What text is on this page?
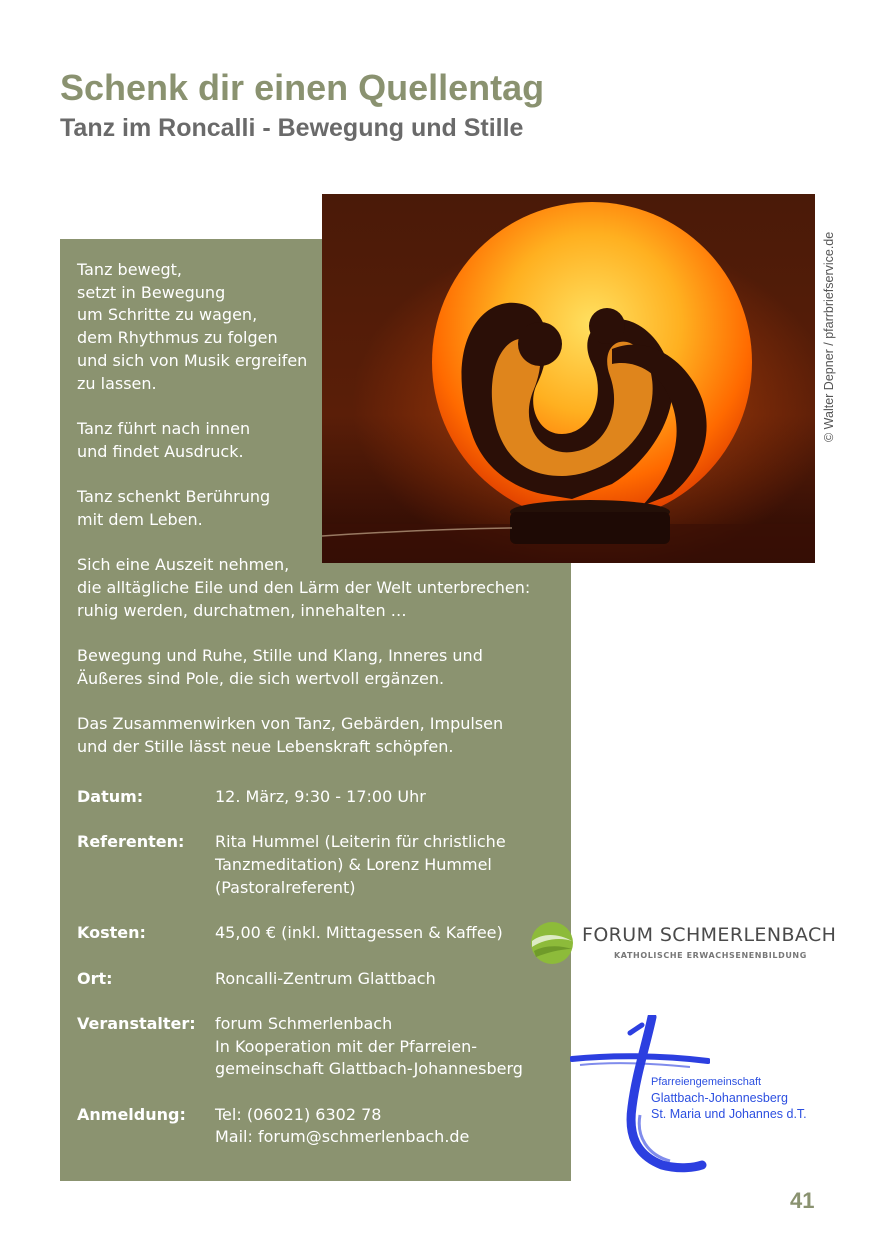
Schenk dir einen Quellentag
Tanz im Roncalli - Bewegung und Stille

Tanz bewegt,
setzt in Bewegung
um Schritte zu wagen,
dem Rhythmus zu folgen
und sich von Musik ergreifen
zu lassen.

Tanz führt nach innen
und findet Ausdruck.

Tanz schenkt Berührung
mit dem Leben.

Sich eine Auszeit nehmen,
die alltägliche Eile und den Lärm der Welt unterbrechen:
ruhig werden, durchatmen, innehalten …

Bewegung und Ruhe, Stille und Klang, Inneres und
Äußeres sind Pole, die sich wertvoll ergänzen.

Das Zusammenwirken von Tanz, Gebärden, Impulsen
und der Stille lässt neue Lebenskraft schöpfen.

Datum:	12. März, 9:30 - 17:00 Uhr
Referenten:	Rita Hummel (Leiterin für christliche
Tanzmeditation) & Lorenz Hummel
(Pastoralreferent)
Kosten:	45,00 € (inkl. Mittagessen & Kaffee)
Ort:	Roncalli-Zentrum Glattbach
Veranstalter:	forum Schmerlenbach
In Kooperation mit der Pfarreien-
gemeinschaft Glattbach-Johannesberg
Anmeldung:	Tel: (06021) 6302 78
Mail: forum@schmerlenbach.de
© Walter Depner / pfarrbriefservice.de
FORUM SCHMERLENBACH
KATHOLISCHE ERWACHSENENBILDUNG
Pfarreiengemeinschaft
Glattbach-Johannesberg
St. Maria und Johannes d.T.
41
